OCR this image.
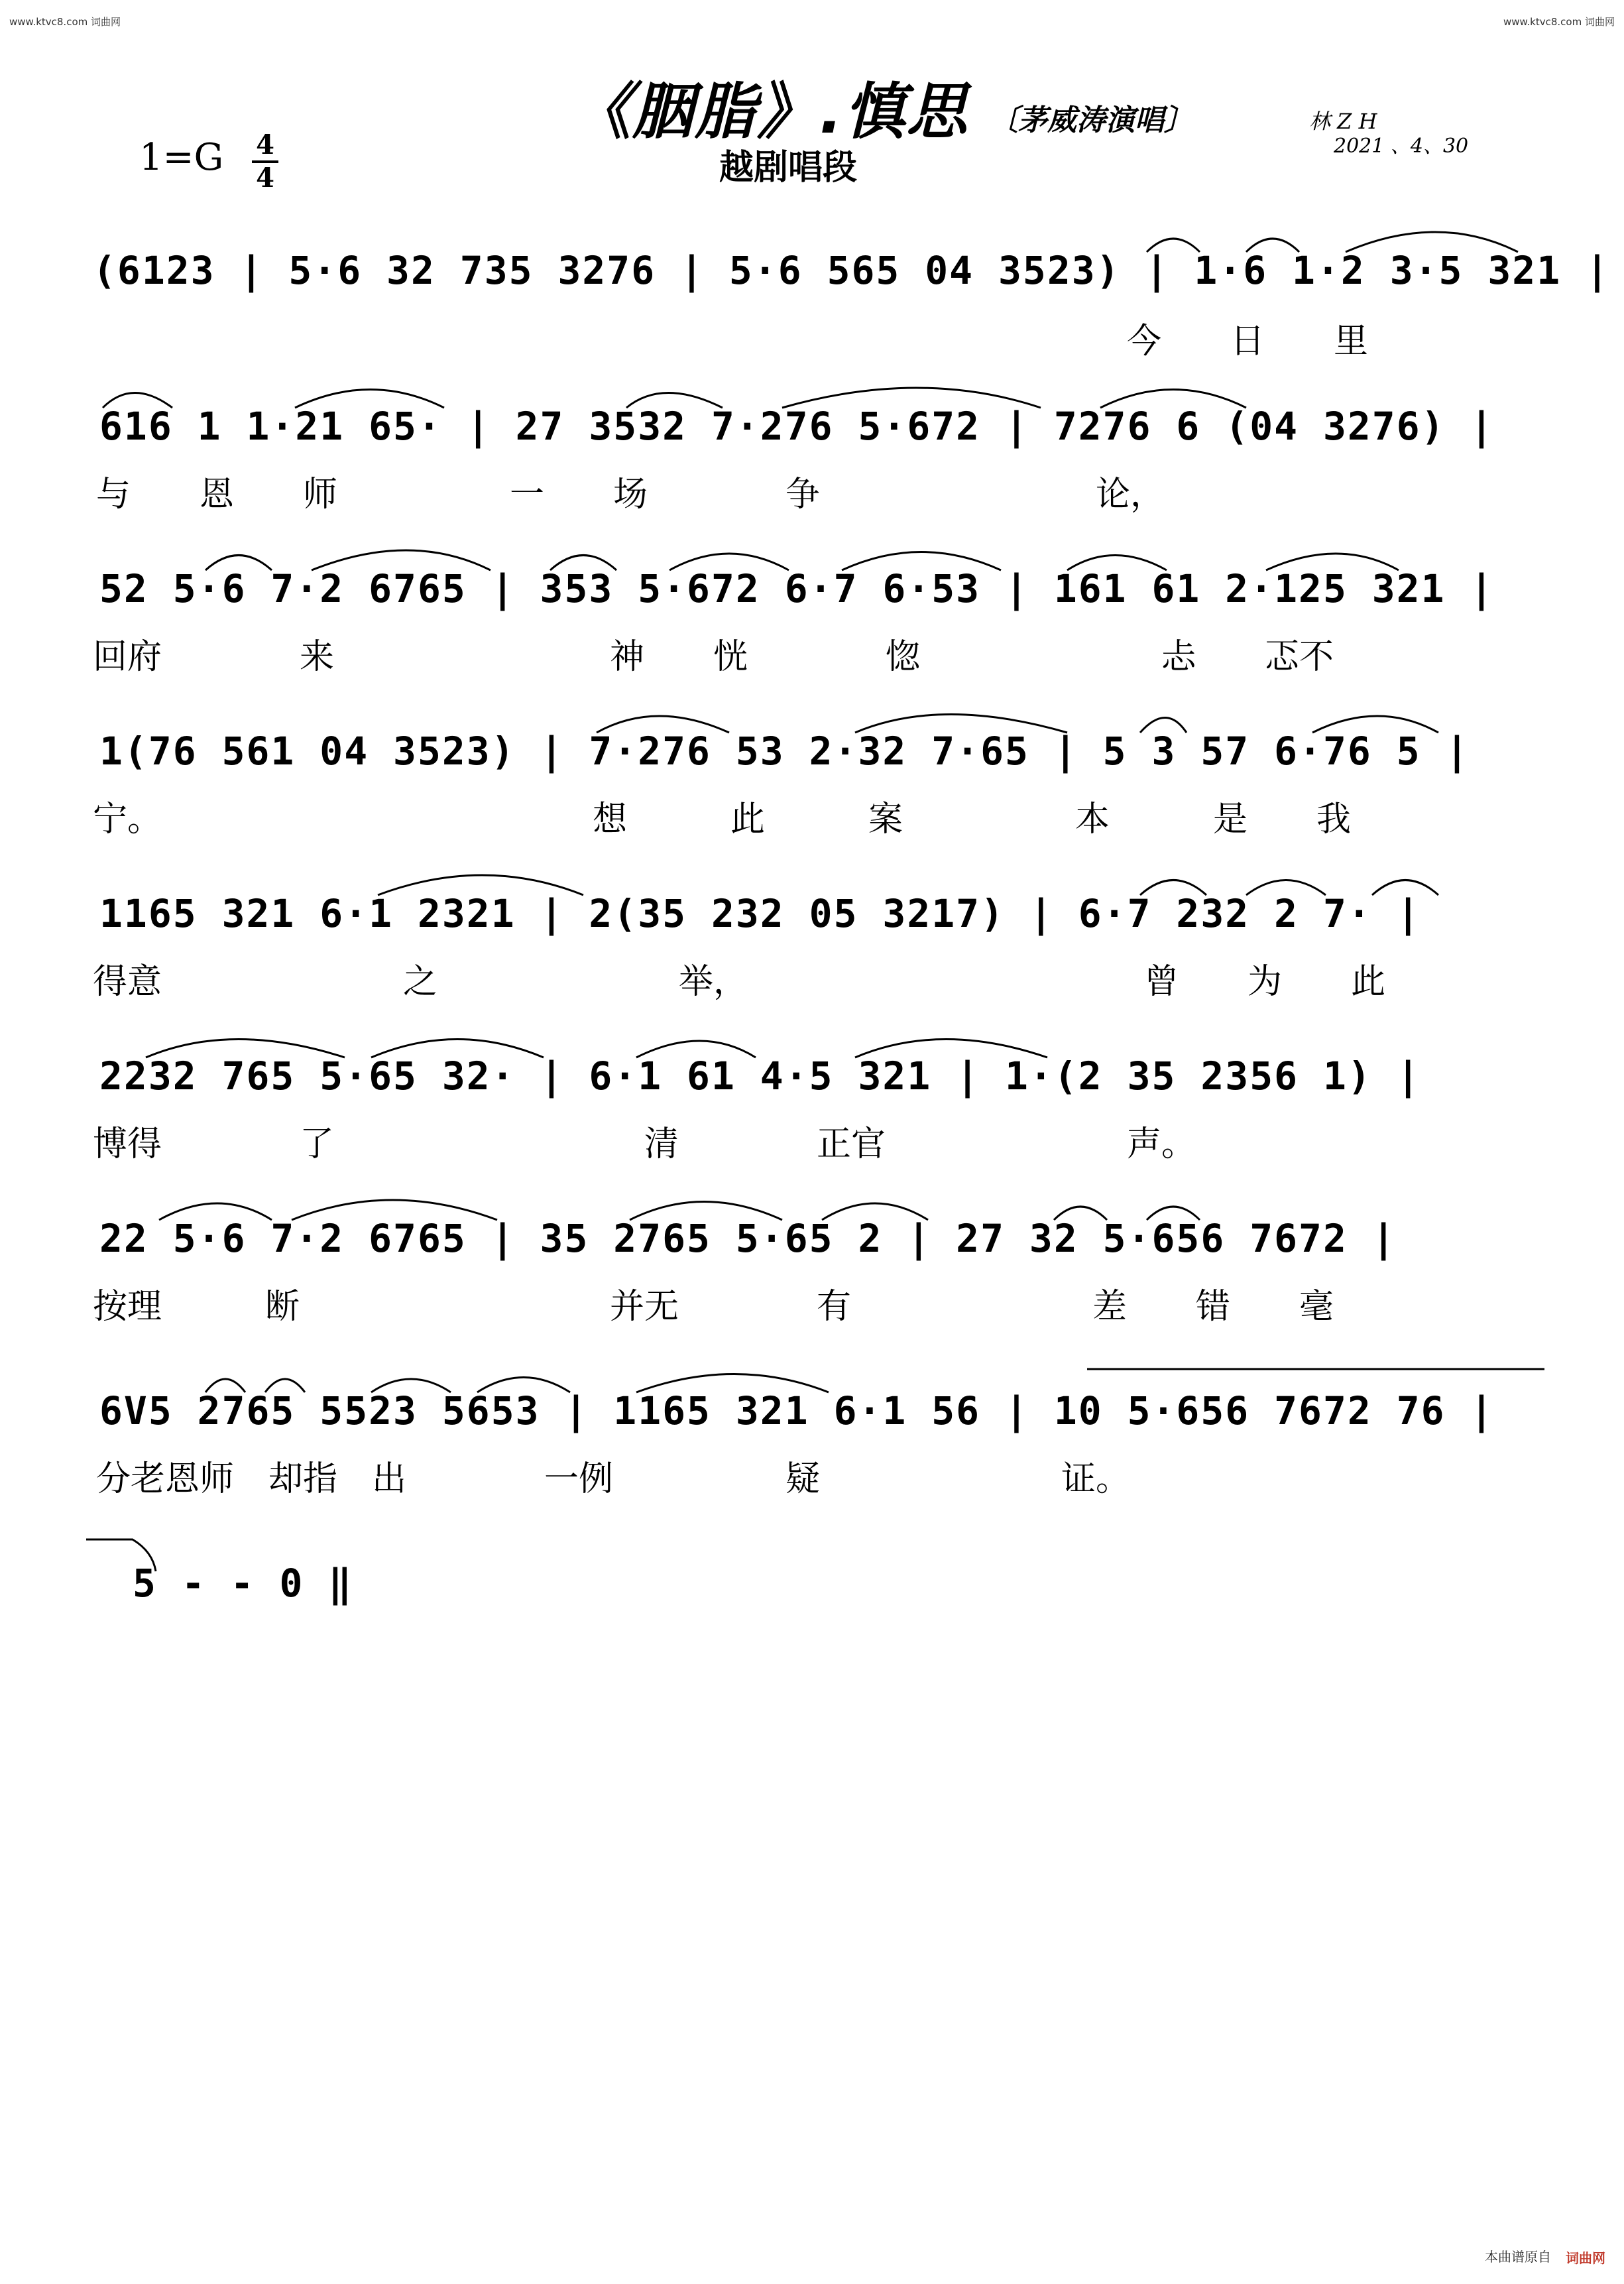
www.ktvc8.com 词曲网	www.ktvc8.com 词曲网
《胭脂》.慎思 〔茅威涛演唱〕
越剧唱段
$1=G \frac{4}{4}$
林 Z H
2021 、4、30
(6123 | 5·6 32 735 3276 | 5·6 565 04 3523) | 1·6 1·2 3·5 321 |
今　　日　　里
616 1 1·21 65· | 27 3532 7·276 5·672 | 7276 6 (04 3276) |
与　　恩　　师　　　　　一　　场　　　　争　　　　　　　　论，
52 5·6 7·2 6765 | 353 5·672 6·7 6·53 | 161 61 2·125 321 |
回府　　　　来　　　　　　　　神　　恍　　　　惚　　　　　　　忐　　忑不
1(76 561 04 3523) | 7·276 53 2·32 7·65 | 5 3 57 6·76 5 |
宁。　　　　　　　　　　　　　想　　　此　　　案　　　　　本　　　是　　我
1165 321 6·1 2321 | 2(35 232 05 3217) | 6·7 232 2 7· |
得意　　　　　　　之　　　　　　　举，　　　　　　　　　　　　曾　　为　　此
2232 765 5·65 32· | 6·1 61 4·5 321 | 1·(2 35 2356 1) |
博得　　　　了　　　　　　　　　清　　　　正官　　　　　　　声。
22 5·6 7·2 6765 | 35 2765 5·65 2 | 27 32 5·656 7672 |
按理　　　断　　　　　　　　　并无　　　　有　　　　　　　差　　错　　毫
6V5 2765 5523 5653 | 1165 321 6·1 56 | 10 5·656 7672 76 |
分老恩师　却指　出　　　　一例　　　　　疑　　　　　　　证。
5 - - 0 ‖
本曲谱原自 词曲网
